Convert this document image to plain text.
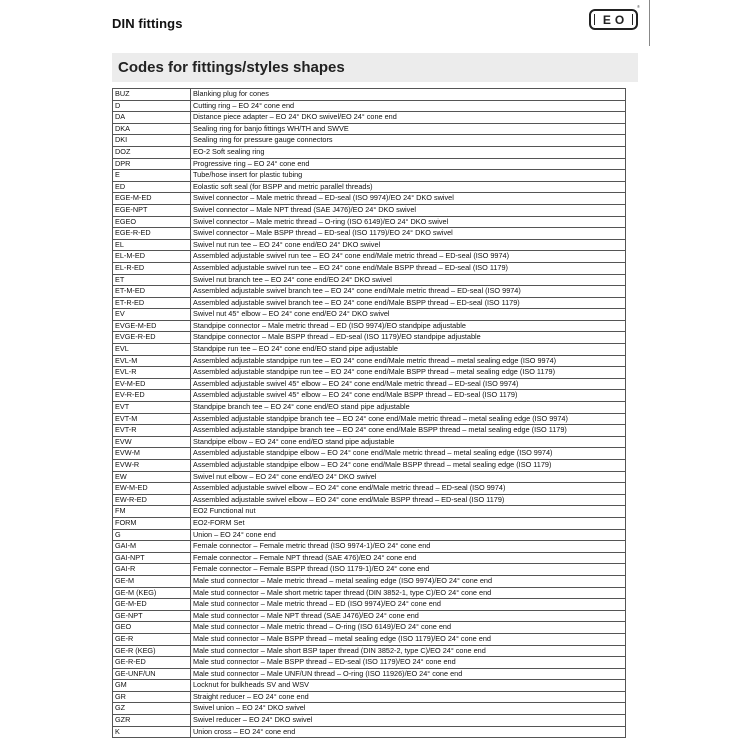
DIN fittings	EO
®
Codes for fittings/styles shapes
BUZ	Blanking plug for cones
D	Cutting ring – EO 24° cone end
DA	Distance piece adapter – EO 24° DKO swivel/EO 24° cone end
DKA	Sealing ring for banjo fittings WH/TH and SWVE
DKI	Sealing ring for pressure gauge connectors
DOZ	EO-2 Soft sealing ring
DPR	Progressive ring – EO 24° cone end
E	Tube/hose insert for plastic tubing
ED	Eolastic soft seal (for BSPP and metric parallel threads)
EGE-M-ED	Swivel connector – Male metric thread – ED-seal (ISO 9974)/EO 24° DKO swivel
EGE-NPT	Swivel connector – Male NPT thread (SAE J476)/EO 24° DKO swivel
EGEO	Swivel connector – Male metric thread – O-ring (ISO 6149)/EO 24° DKO swivel
EGE-R-ED	Swivel connector – Male BSPP thread – ED-seal (ISO 1179)/EO 24° DKO swivel
EL	Swivel nut run tee – EO 24° cone end/EO 24° DKO swivel
EL-M-ED	Assembled adjustable swivel run tee – EO 24° cone end/Male metric thread – ED-seal (ISO 9974)
EL-R-ED	Assembled adjustable swivel run tee – EO 24° cone end/Male BSPP thread – ED-seal (ISO 1179)
ET	Swivel nut branch tee – EO 24° cone end/EO 24° DKO swivel
ET-M-ED	Assembled adjustable swivel branch tee – EO 24° cone end/Male metric thread – ED-seal (ISO 9974)
ET-R-ED	Assembled adjustable swivel branch tee – EO 24° cone end/Male BSPP thread – ED-seal (ISO 1179)
EV	Swivel nut 45° elbow – EO 24° cone end/EO 24° DKO swivel
EVGE-M-ED	Standpipe connector – Male metric thread – ED (ISO 9974)/EO standpipe adjustable
EVGE-R-ED	Standpipe connector – Male BSPP thread – ED-seal (ISO 1179)/EO standpipe adjustable
EVL	Standpipe run tee – EO 24° cone end/EO stand pipe adjustable
EVL-M	Assembled adjustable standpipe run tee – EO 24° cone end/Male metric thread – metal sealing edge (ISO 9974)
EVL-R	Assembled adjustable standpipe run tee – EO 24° cone end/Male BSPP thread – metal sealing edge (ISO 1179)
EV-M-ED	Assembled adjustable swivel 45° elbow – EO 24° cone end/Male metric thread – ED-seal (ISO 9974)
EV-R-ED	Assembled adjustable swivel 45° elbow – EO 24° cone end/Male BSPP thread – ED-seal (ISO 1179)
EVT	Standpipe branch tee – EO 24° cone end/EO stand pipe adjustable
EVT-M	Assembled adjustable standpipe branch tee – EO 24° cone end/Male metric thread – metal sealing edge (ISO 9974)
EVT-R	Assembled adjustable standpipe branch tee – EO 24° cone end/Male BSPP thread – metal sealing edge (ISO 1179)
EVW	Standpipe elbow – EO 24° cone end/EO stand pipe adjustable
EVW-M	Assembled adjustable standpipe elbow – EO 24° cone end/Male metric thread – metal sealing edge (ISO 9974)
EVW-R	Assembled adjustable standpipe elbow – EO 24° cone end/Male BSPP thread – metal sealing edge (ISO 1179)
EW	Swivel nut elbow – EO 24° cone end/EO 24° DKO swivel
EW-M-ED	Assembled adjustable swivel elbow – EO 24° cone end/Male metric thread – ED-seal (ISO 9974)
EW-R-ED	Assembled adjustable swivel elbow – EO 24° cone end/Male BSPP thread – ED-seal (ISO 1179)
FM	EO2 Functional nut
FORM	EO2-FORM Set
G	Union – EO 24° cone end
GAI-M	Female connector – Female metric thread (ISO 9974-1)/EO 24° cone end
GAI-NPT	Female connector – Female NPT thread (SAE 476)/EO 24° cone end
GAI-R	Female connector – Female BSPP thread (ISO 1179-1)/EO 24° cone end
GE-M	Male stud connector – Male metric thread – metal sealing edge (ISO 9974)/EO 24° cone end
GE-M (KEG)	Male stud connector – Male short metric taper thread (DIN 3852-1, type C)/EO 24° cone end
GE-M-ED	Male stud connector – Male metric thread – ED (ISO 9974)/EO 24° cone end
GE-NPT	Male stud connector – Male NPT thread (SAE J476)/EO 24° cone end
GEO	Male stud connector – Male metric thread – O-ring (ISO 6149)/EO 24° cone end
GE-R	Male stud connector – Male BSPP thread – metal sealing edge (ISO 1179)/EO 24° cone end
GE-R (KEG)	Male stud connector – Male short BSP taper thread (DIN 3852-2, type C)/EO 24° cone end
GE-R-ED	Male stud connector – Male BSPP thread – ED-seal (ISO 1179)/EO 24° cone end
GE-UNF/UN	Male stud connector – Male UNF/UN thread – O-ring (ISO 11926)/EO 24° cone end
GM	Locknut for bulkheads SV and WSV
GR	Straight reducer – EO 24° cone end
GZ	Swivel union – EO 24° DKO swivel
GZR	Swivel reducer – EO 24° DKO swivel
K	Union cross – EO 24° cone end
